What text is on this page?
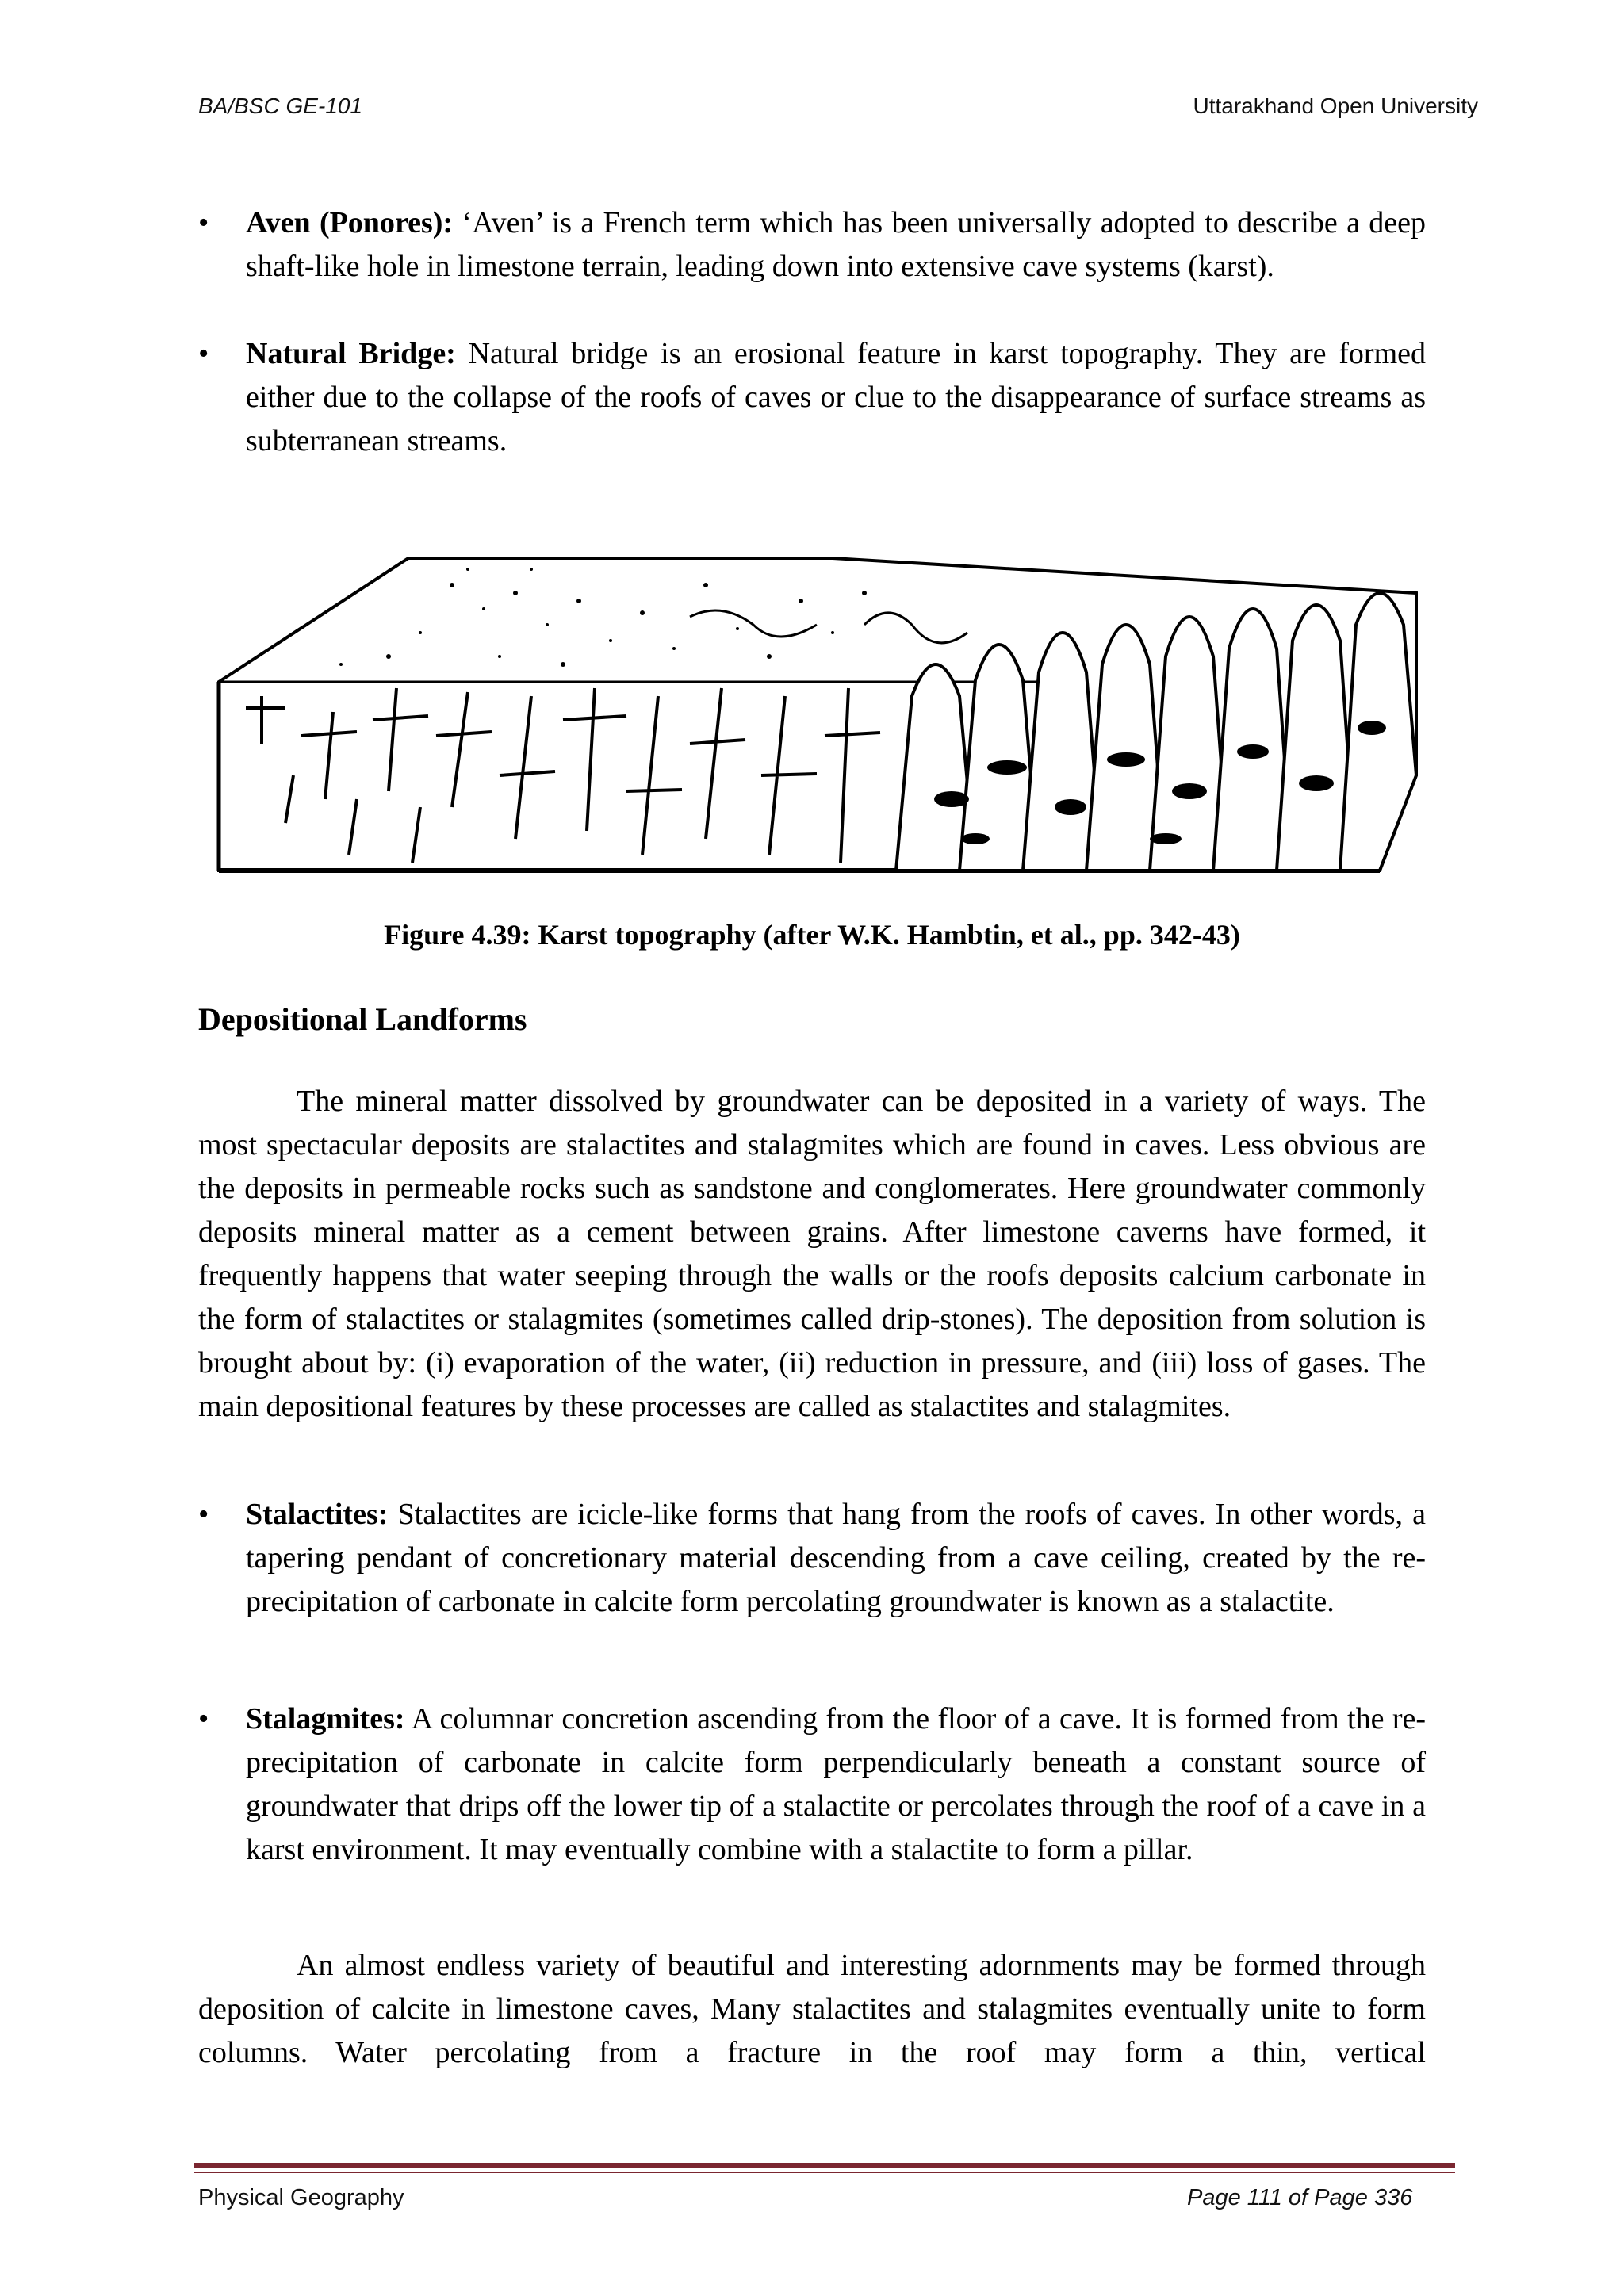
BA/BSC GE-101	Uttarakhand Open University
•	Aven (Ponores): ‘Aven’ is a French term which has been universally adopted to describe a deep shaft-like hole in limestone terrain, leading down into extensive cave systems (karst).
•	Natural Bridge: Natural bridge is an erosional feature in karst topography. They are formed either due to the collapse of the roofs of caves or clue to the disappearance of surface streams as subterranean streams.
Figure 4.39: Karst topography (after W.K. Hambtin, et al., pp. 342-43)
Depositional Landforms
The mineral matter dissolved by groundwater can be deposited in a variety of ways. The most spectacular deposits are stalactites and stalagmites which are found in caves. Less obvious are the deposits in permeable rocks such as sandstone and conglomerates. Here groundwater commonly deposits mineral matter as a cement between grains. After limestone caverns have formed, it frequently happens that water seeping through the walls or the roofs deposits calcium carbonate in the form of stalactites or stalagmites (sometimes called drip-stones). The deposition from solution is brought about by: (i) evaporation of the water, (ii) reduction in pressure, and (iii) loss of gases. The main depositional features by these processes are called as stalactites and stalagmites.
•	Stalactites: Stalactites are icicle-like forms that hang from the roofs of caves. In other words, a tapering pendant of concretionary material descending from a cave ceiling, created by the re-precipitation of carbonate in calcite form percolating groundwater is known as a stalactite.
•	Stalagmites: A columnar concretion ascending from the floor of a cave. It is formed from the re-precipitation of carbonate in calcite form perpendicularly beneath a constant source of groundwater that drips off the lower tip of a stalactite or percolates through the roof of a cave in a karst environment. It may eventually combine with a stalactite to form a pillar.
An almost endless variety of beautiful and interesting adornments may be formed through deposition of calcite in limestone caves, Many stalactites and stalagmites eventually unite to form columns. Water percolating from a fracture in the roof may form a thin, vertical
Physical Geography	Page 111 of Page 336
